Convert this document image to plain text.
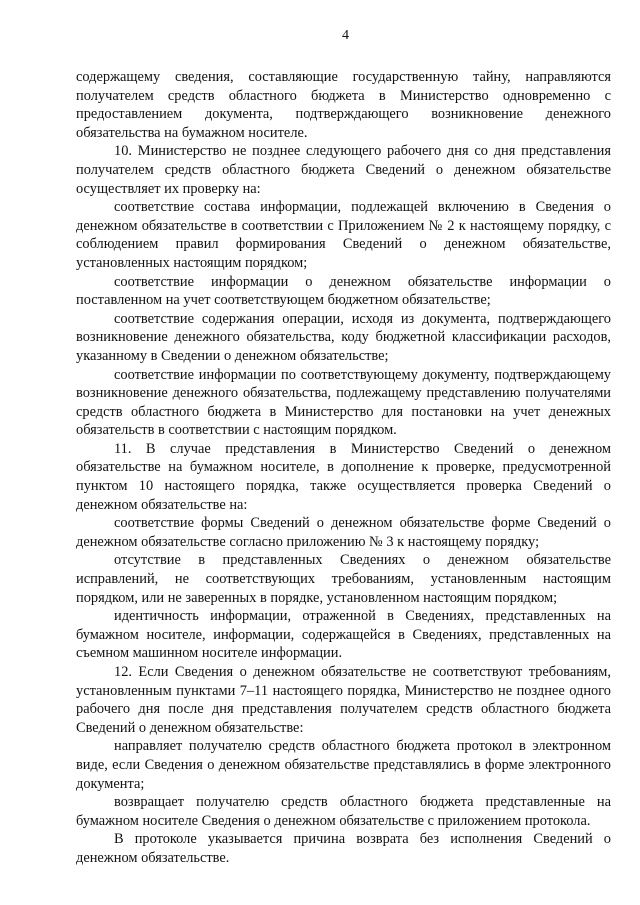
4

содержащему сведения, составляющие государственную тайну, направляются получателем средств областного бюджета в Министерство одновременно с предоставлением документа, подтверждающего возникновение денежного обязательства на бумажном носителе.

10. Министерство не позднее следующего рабочего дня со дня представления получателем средств областного бюджета Сведений о денежном обязательстве осуществляет их проверку на:

соответствие состава информации, подлежащей включению в Сведения о денежном обязательстве в соответствии с Приложением № 2 к настоящему порядку, с соблюдением правил формирования Сведений о денежном обязательстве, установленных настоящим порядком;

соответствие информации о денежном обязательстве информации о поставленном на учет соответствующем бюджетном обязательстве;

соответствие содержания операции, исходя из документа, подтверждающего возникновение денежного обязательства, коду бюджетной классификации расходов, указанному в Сведении о денежном обязательстве;

соответствие информации по соответствующему документу, подтверждающему возникновение денежного обязательства, подлежащему представлению получателями средств областного бюджета в Министерство для постановки на учет денежных обязательств в соответствии с настоящим порядком.

11. В случае представления в Министерство Сведений о денежном обязательстве на бумажном носителе, в дополнение к проверке, предусмотренной пунктом 10 настоящего порядка, также осуществляется проверка Сведений о денежном обязательстве на:

соответствие формы Сведений о денежном обязательстве форме Сведений о денежном обязательстве согласно приложению № 3 к настоящему порядку;

отсутствие в представленных Сведениях о денежном обязательстве исправлений, не соответствующих требованиям, установленным настоящим порядком, или не заверенных в порядке, установленном настоящим порядком;

идентичность информации, отраженной в Сведениях, представленных на бумажном носителе, информации, содержащейся в Сведениях, представленных на съемном машинном носителе информации.

12. Если Сведения о денежном обязательстве не соответствуют требованиям, установленным пунктами 7–11 настоящего порядка, Министерство не позднее одного рабочего дня после дня представления получателем средств областного бюджета Сведений о денежном обязательстве:

направляет получателю средств областного бюджета протокол в электронном виде, если Сведения о денежном обязательстве представлялись в форме электронного документа;

возвращает получателю средств областного бюджета представленные на бумажном носителе Сведения о денежном обязательстве с приложением протокола.

В протоколе указывается причина возврата без исполнения Сведений о денежном обязательстве.
